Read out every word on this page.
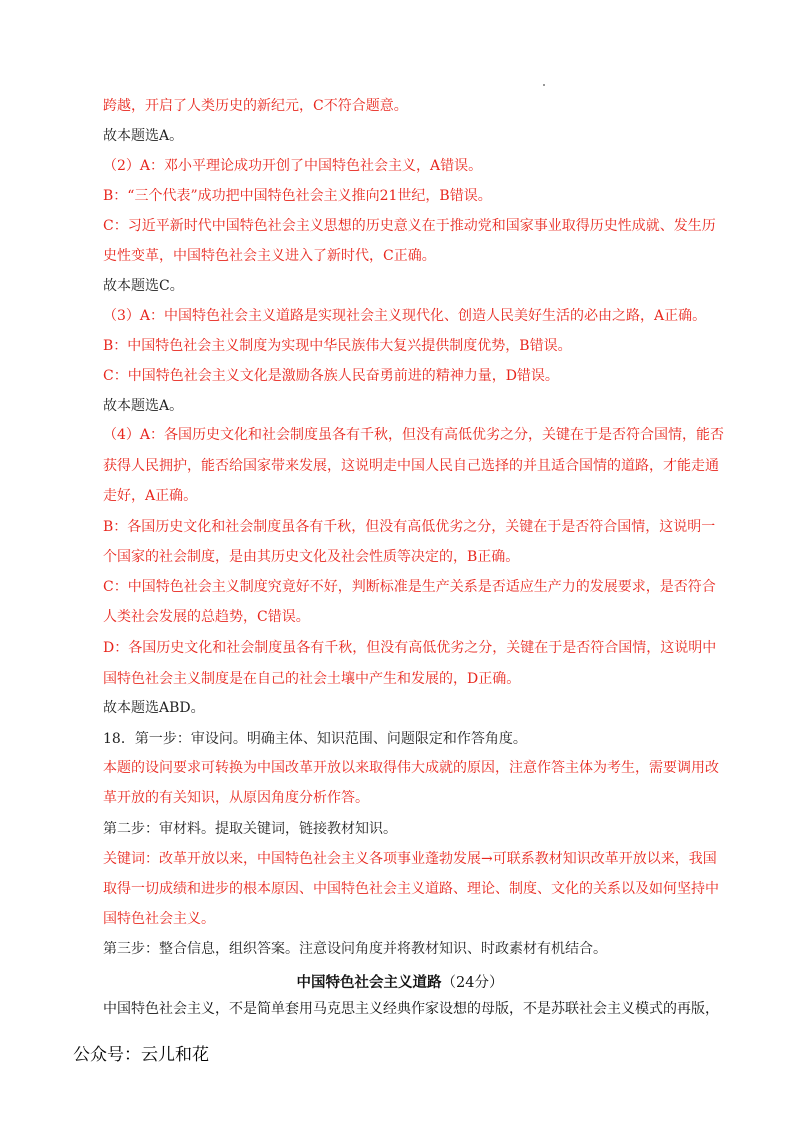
跨越，开启了人类历史的新纪元，C不符合题意。
故本题选A。
（2）A：邓小平理论成功开创了中国特色社会主义，A错误。
B：“三个代表”成功把中国特色社会主义推向21世纪，B错误。
C：习近平新时代中国特色社会主义思想的历史意义在于推动党和国家事业取得历史性成就、发生历
史性变革，中国特色社会主义进入了新时代，C正确。
故本题选C。
（3）A：中国特色社会主义道路是实现社会主义现代化、创造人民美好生活的必由之路，A正确。
B：中国特色社会主义制度为实现中华民族伟大复兴提供制度优势，B错误。
C：中国特色社会主义文化是激励各族人民奋勇前进的精神力量，D错误。
故本题选A。
（4）A：各国历史文化和社会制度虽各有千秋，但没有高低优劣之分，关键在于是否符合国情，能否
获得人民拥护，能否给国家带来发展，这说明走中国人民自己选择的并且适合国情的道路，才能走通
走好，A正确。
B：各国历史文化和社会制度虽各有千秋，但没有高低优劣之分，关键在于是否符合国情，这说明一
个国家的社会制度，是由其历史文化及社会性质等决定的，B正确。
C：中国特色社会主义制度究竟好不好，判断标准是生产关系是否适应生产力的发展要求，是否符合
人类社会发展的总趋势，C错误。
D：各国历史文化和社会制度虽各有千秋，但没有高低优劣之分，关键在于是否符合国情，这说明中
国特色社会主义制度是在自己的社会土壤中产生和发展的，D正确。
故本题选ABD。
18．第一步：审设问。明确主体、知识范围、问题限定和作答角度。
本题的设问要求可转换为中国改革开放以来取得伟大成就的原因，注意作答主体为考生，需要调用改
革开放的有关知识，从原因角度分析作答。
第二步：审材料。提取关键词，链接教材知识。
关键词：改革开放以来，中国特色社会主义各项事业蓬勃发展→可联系教材知识改革开放以来，我国
取得一切成绩和进步的根本原因、中国特色社会主义道路、理论、制度、文化的关系以及如何坚持中
国特色社会主义。
第三步：整合信息，组织答案。注意设问角度并将教材知识、时政素材有机结合。
中国特色社会主义道路（24分）
中国特色社会主义，不是简单套用马克思主义经典作家设想的母版，不是苏联社会主义模式的再版，
公众号：云儿和花
